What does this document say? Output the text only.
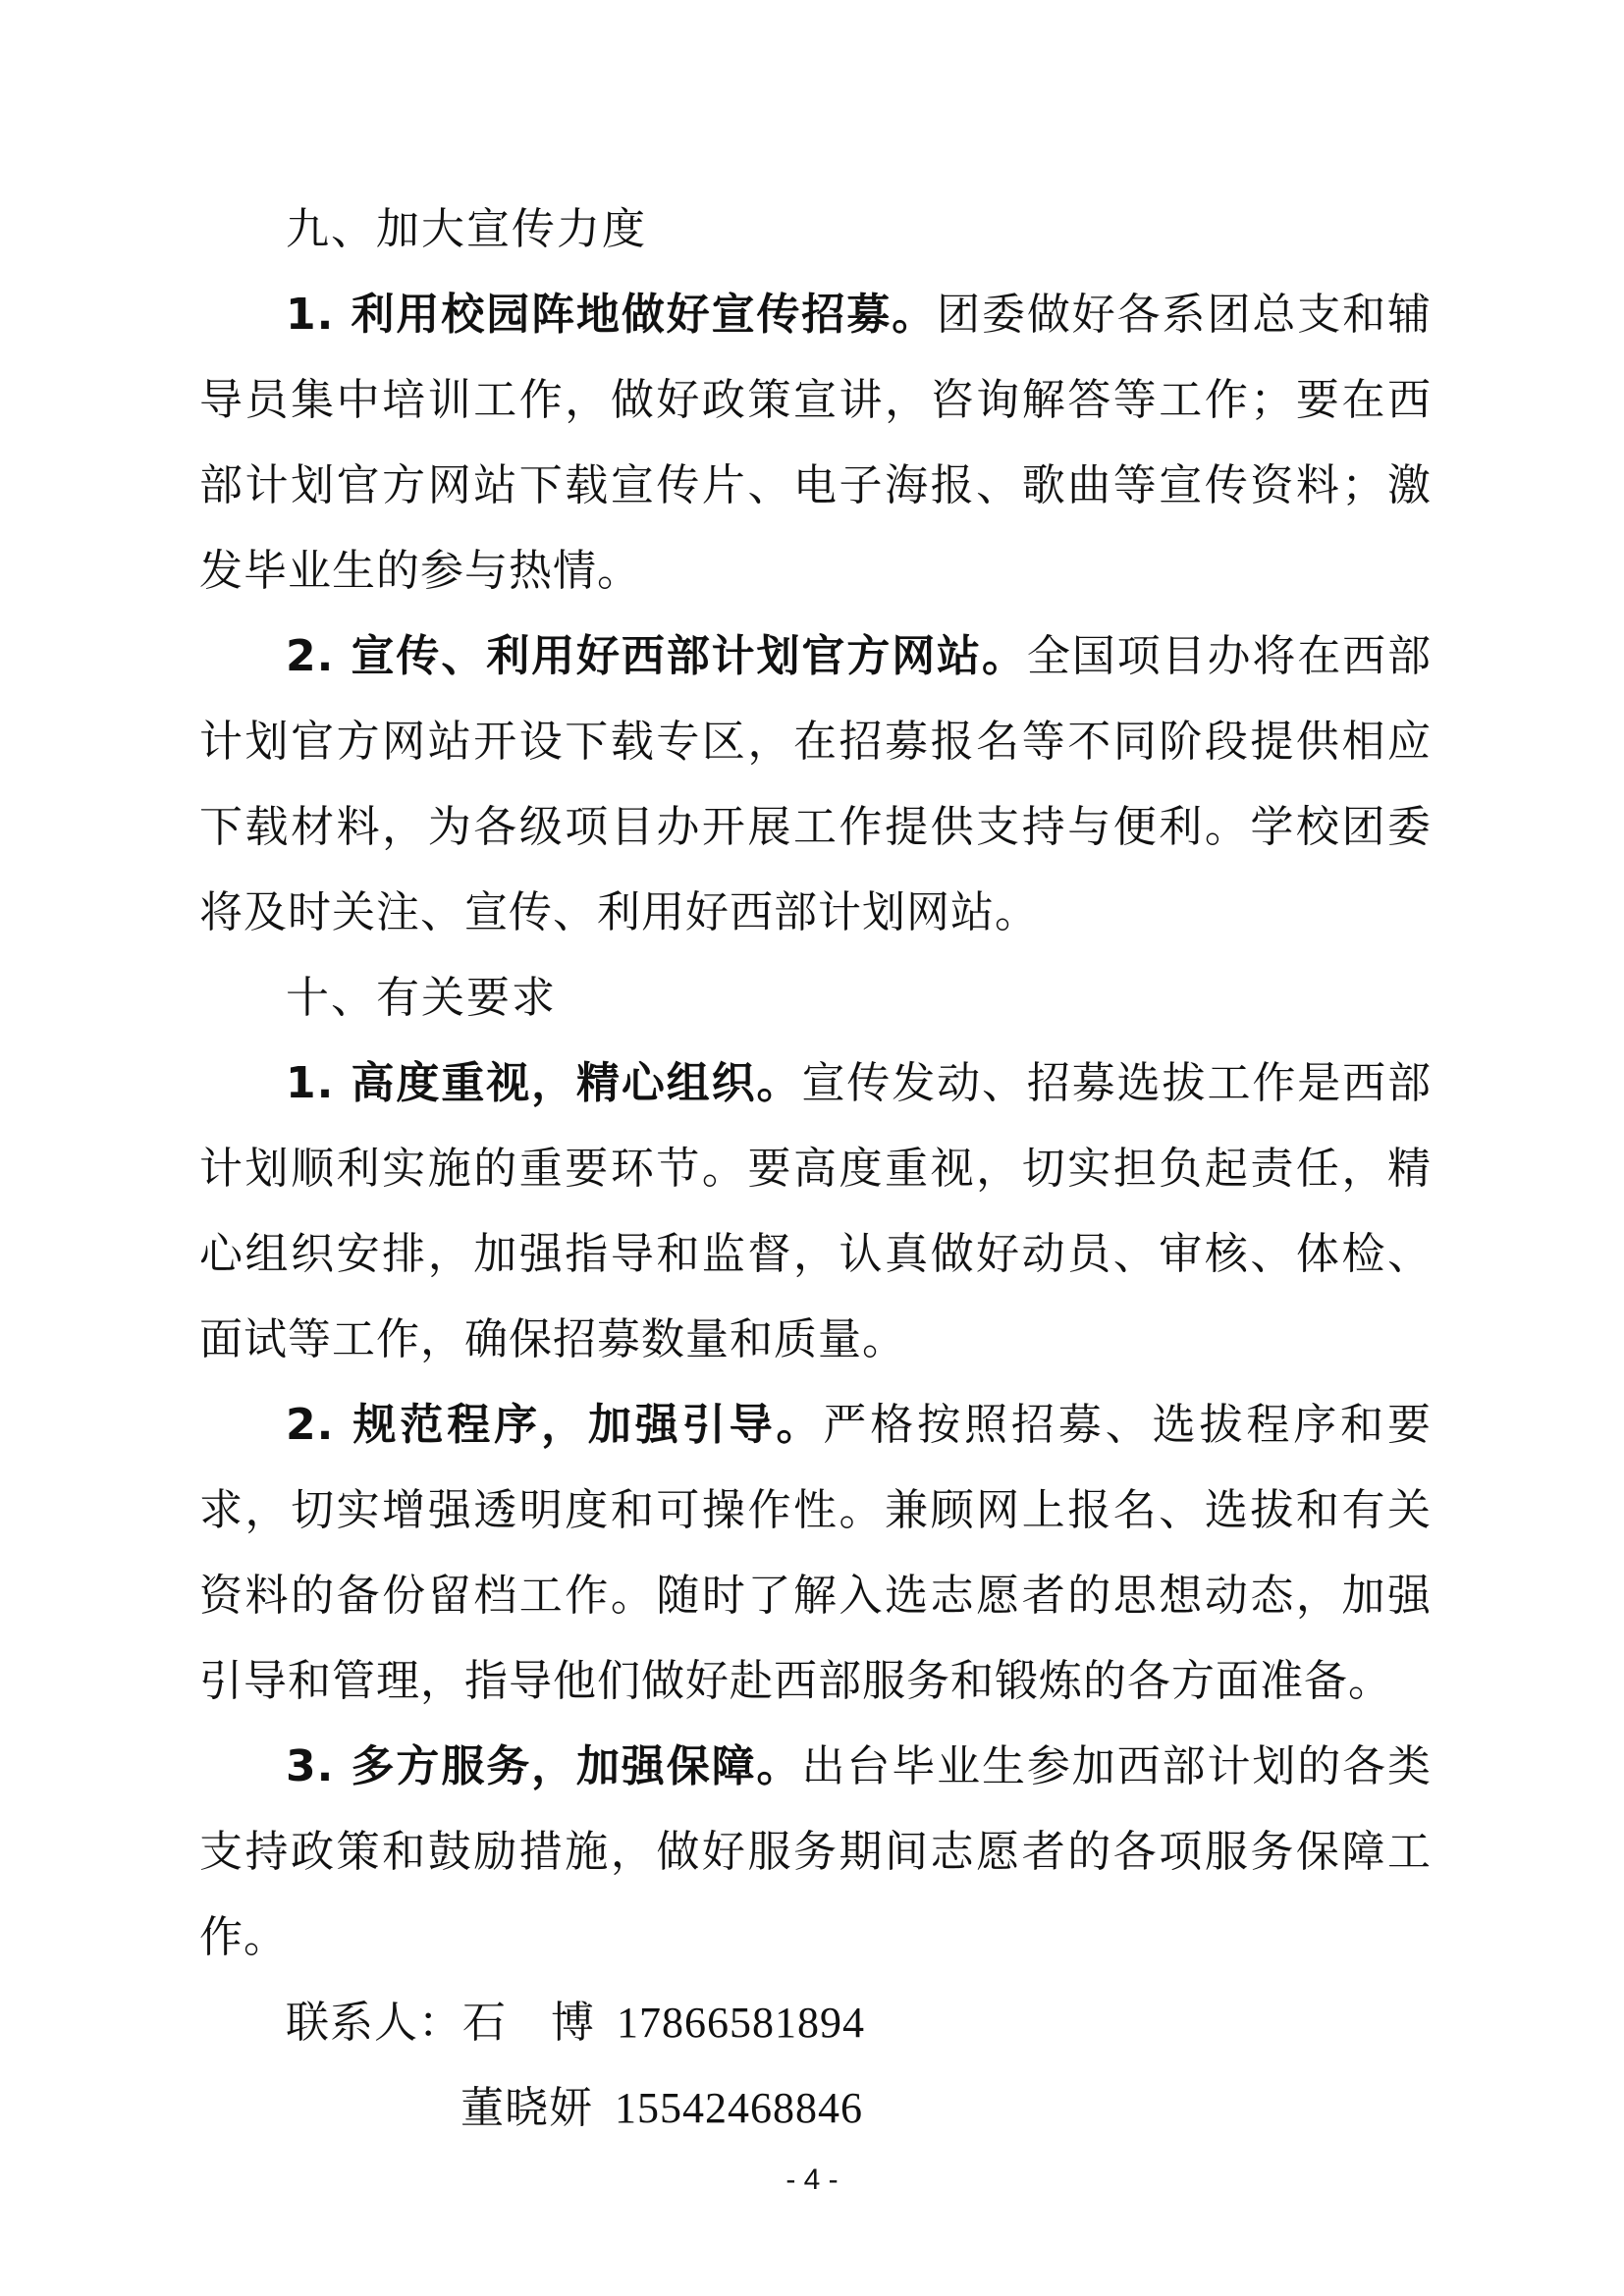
九、加大宣传力度

1. 利用校园阵地做好宣传招募。团委做好各系团总支和辅导员集中培训工作，做好政策宣讲，咨询解答等工作；要在西部计划官方网站下载宣传片、电子海报、歌曲等宣传资料；激发毕业生的参与热情。

2. 宣传、利用好西部计划官方网站。全国项目办将在西部计划官方网站开设下载专区，在招募报名等不同阶段提供相应下载材料，为各级项目办开展工作提供支持与便利。学校团委将及时关注、宣传、利用好西部计划网站。

十、有关要求

1. 高度重视，精心组织。宣传发动、招募选拔工作是西部计划顺利实施的重要环节。要高度重视，切实担负起责任，精心组织安排，加强指导和监督，认真做好动员、审核、体检、面试等工作，确保招募数量和质量。

2. 规范程序，加强引导。严格按照招募、选拔程序和要求，切实增强透明度和可操作性。兼顾网上报名、选拔和有关资料的备份留档工作。随时了解入选志愿者的思想动态，加强引导和管理，指导他们做好赴西部服务和锻炼的各方面准备。

3. 多方服务，加强保障。出台毕业生参加西部计划的各类支持政策和鼓励措施，做好服务期间志愿者的各项服务保障工作。

联系人：石　博 17866581894
董晓妍 15542468846
- 4 -
